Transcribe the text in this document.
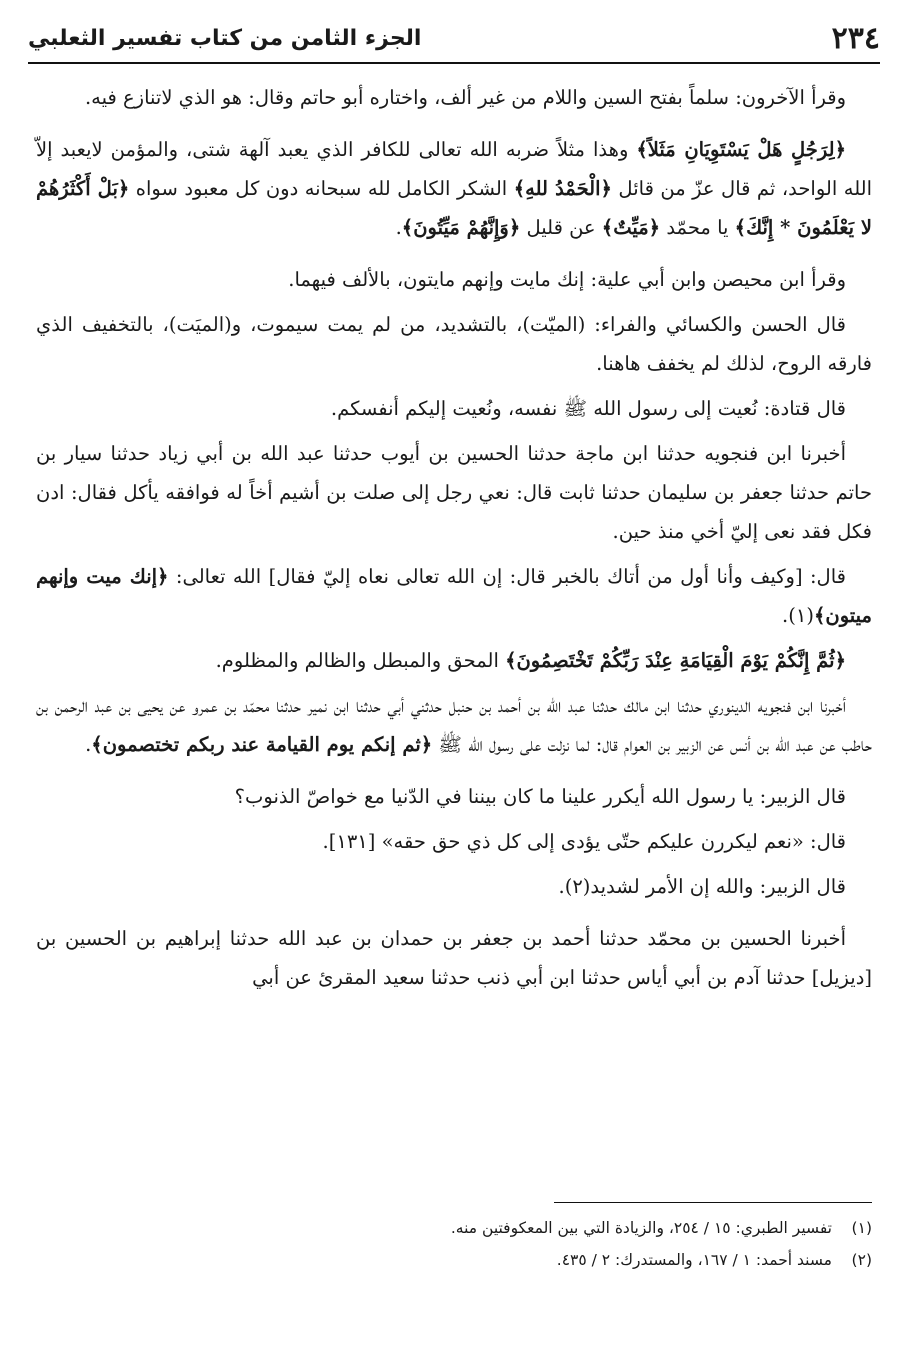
٢٣٤
الجزء الثامن من كتاب تفسير الثعلبي

وقرأ الآخرون: سلماً بفتح السين واللام من غير ألف، واختاره أبو حاتم وقال: هو الذي لاتنازع فيه.

﴿لِرَجُلٍ هَلْ يَسْتَوِيَانِ مَثَلاً﴾ وهذا مثلاً ضربه الله تعالى للكافر الذي يعبد آلهة شتى، والمؤمن لايعبد إلاّ الله الواحد، ثم قال عزّ من قائل ﴿الْحَمْدُ للهِ﴾ الشكر الكامل لله سبحانه دون كل معبود سواه ﴿بَلْ أَكْثَرُهُمْ لا يَعْلَمُونَ * إِنَّكَ﴾ يا محمّد ﴿مَيِّتٌ﴾ عن قليل ﴿وَإِنَّهُمْ مَيِّتُونَ﴾.

وقرأ ابن محيصن وابن أبي علية: إنك مايت وإنهم مايتون، بالألف فيهما.

قال الحسن والكسائي والفراء: (الميّت)، بالتشديد، من لم يمت سيموت، و(الميَت)، بالتخفيف الذي فارقه الروح، لذلك لم يخفف هاهنا.

قال قتادة: نُعيت إلى رسول الله ﷺ نفسه، ونُعيت إليكم أنفسكم.

أخبرنا ابن فنجويه حدثنا ابن ماجة حدثنا الحسين بن أيوب حدثنا عبد الله بن أبي زياد حدثنا سيار بن حاتم حدثنا جعفر بن سليمان حدثنا ثابت قال: نعي رجل إلى صلت بن أشيم أخاً له فوافقه يأكل فقال: ادن فكل فقد نعى إليّ أخي منذ حين.

قال: [وكيف وأنا أول من أتاك بالخبر قال: إن الله تعالى نعاه إليّ فقال] الله تعالى: ﴿إنك ميت وإنهم ميتون﴾(١).

﴿ثُمَّ إِنَّكُمْ يَوْمَ الْقِيَامَةِ عِنْدَ رَبِّكُمْ تَخْتَصِمُونَ﴾ المحق والمبطل والظالم والمظلوم.

أخبرنا ابن فنجويه الدينوري حدثنا ابن مالك حدثنا عبد الله بن أحمد بن حنبل حدثني أبي حدثنا ابن نمير حدثنا محمّد بن عمرو عن يحيى بن عبد الرحمن بن حاطب عن عبد الله بن أنس عن الزبير بن العوام قال: لما نزلت على رسول الله ﷺ ﴿ثم إنكم يوم القيامة عند ربكم تختصمون﴾.

قال الزبير: يا رسول الله أيكرر علينا ما كان بيننا في الدّنيا مع خواصّ الذنوب؟

قال: «نعم ليكررن عليكم حتّى يؤدى إلى كل ذي حق حقه» [١٣١].

قال الزبير: والله إن الأمر لشديد(٢).

أخبرنا الحسين بن محمّد حدثنا أحمد بن جعفر بن حمدان بن عبد الله حدثنا إبراهيم بن الحسين بن [ديزيل] حدثنا آدم بن أبي أياس حدثنا ابن أبي ذنب حدثنا سعيد المقرئ عن أبي

(١)
تفسير الطبري: ١٥ / ٢٥٤، والزيادة التي بين المعكوفتين منه.
(٢)
مسند أحمد: ١ / ١٦٧، والمستدرك: ٢ / ٤٣٥.
